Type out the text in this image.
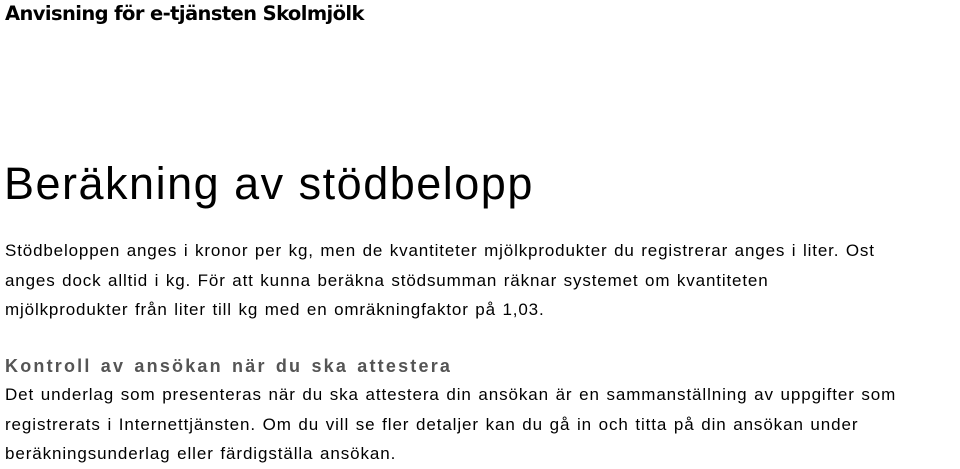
Anvisning för e-tjänsten Skolmjölk
Beräkning av stödbelopp

Stödbeloppen anges i kronor per kg, men de kvantiteter mjölkprodukter du registrerar anges i liter. Ost
anges dock alltid i kg. För att kunna beräkna stödsumman räknar systemet om kvantiteten
mjölkprodukter från liter till kg med en omräkningfaktor på 1,03.

Kontroll av ansökan när du ska attestera

Det underlag som presenteras när du ska attestera din ansökan är en sammanställning av uppgifter som
registrerats i Internettjänsten. Om du vill se fler detaljer kan du gå in och titta på din ansökan under
beräkningsunderlag eller färdigställa ansökan.
